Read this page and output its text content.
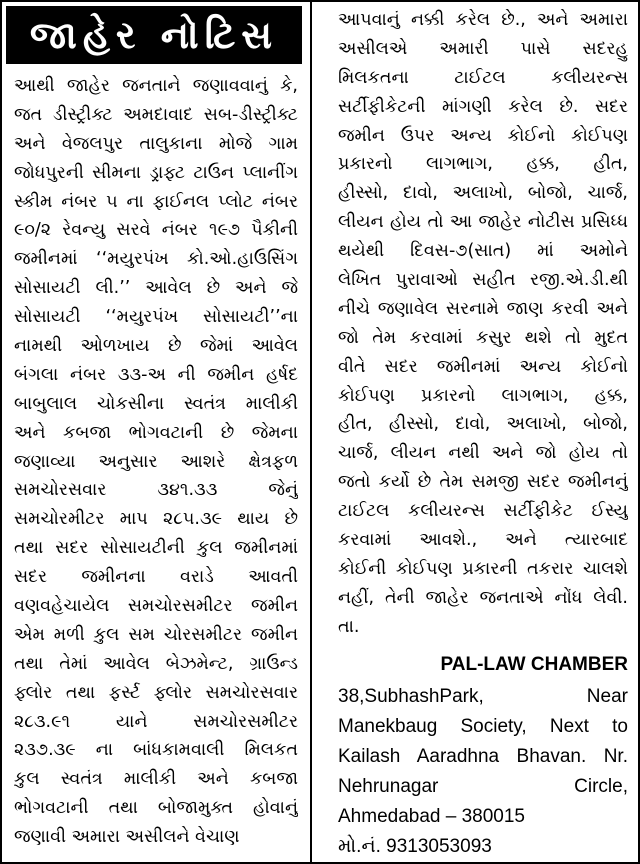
જાહેર નોટિસ
આથી જાહેર જનતાને જણાવવાનું કે,
જત ડીસ્ટ્રીક્ટ અમદાવાદ સબ-ડીસ્ટ્રીક્ટ
અને વેજલપુર તાલુકાના મોજે ગામ
જોધપુરની સીમના ડ્રાફ્ટ ટાઉન પ્લાનીંગ
સ્કીમ નંબર ૫ ના ફાઈનલ પ્લોટ નંબર
૯૦/૨ રેવન્યુ સરવે નંબર ૧૯૭ પૈકીની
જમીનમાં ‘‘મયુરપંખ કો.ઓ.હાઉસિંગ
સોસાયટી લી.’’ આવેલ છે અને જે
સોસાયટી ‘‘મયુરપંખ સોસાયટી’’ના
નામથી ઓળખાય છે જેમાં આવેલ
બંગલા નંબર ૩૩-અ ની જમીન હર્ષદ
બાબુલાલ ચોકસીના સ્વતંત્ર માલીકી
અને કબજા ભોગવટાની છે જેમના
જણાવ્યા અનુસાર આશરે ક્ષેત્રફળ
સમચોરસવાર ૩૪૧.૩૩ જેનું
સમચોરમીટર માપ ૨૮૫.૩૯ થાય છે
તથા સદર સોસાયટીની કુલ જમીનમાં
સદર જમીનના વરાડે આવતી
વણવહેચાયેલ સમચોરસમીટર જમીન
એમ મળી કુલ સમ ચોરસમીટર જમીન
તથા તેમાં આવેલ બેઝમેન્ટ, ગ્રાઉન્ડ
ફ્લોર તથા ફર્સ્ટ ફ્લોર સમચોરસવાર
૨૮૩.૯૧ યાને સમચોરસમીટર
૨૩૭.૩૯ ના બાંધકામવાલી મિલકત
કુલ સ્વતંત્ર માલીકી અને કબજા
ભોગવટાની તથા બોજામુક્ત હોવાનું
જણાવી અમારા અસીલને વેચાણ
આપવાનું નક્કી કરેલ છે., અને અમારા
અસીલએ અમારી પાસે સદરહુ
મિલકતના ટાઈટલ કલીયરન્સ
સર્ટીફીકેટની માંગણી કરેલ છે. સદર
જમીન ઉપર અન્ય કોઈનો કોઈપણ
પ્રકારનો લાગભાગ, હક્ક, હીત,
હીસ્સો, દાવો, અલાખો, બોજો, ચાર્જ,
લીયન હોય તો આ જાહેર નોટીસ પ્રસિધ્ધ
થયેથી દિવસ-૭(સાત) માં અમોને
લેખિત પુરાવાઓ સહીત રજી.એ.ડી.થી
નીચે જણાવેલ સરનામે જાણ કરવી અને
જો તેમ કરવામાં કસુર થશે તો મુદત
વીતે સદર જમીનમાં અન્ય કોઈનો
કોઈપણ પ્રકારનો લાગભાગ, હક્ક,
હીત, હીસ્સો, દાવો, અલાખો, બોજો,
ચાર્જ, લીયન નથી અને જો હોય તો
જતો કર્યો છે તેમ સમજી સદર જમીનનું
ટાઈટલ કલીયરન્સ સર્ટીફીકેટ ઈસ્યુ
કરવામાં આવશે., અને ત્યારબાદ
કોઈની કોઈપણ પ્રકારની તકરાર ચાલશે
નહીં, તેની જાહેર જનતાએ નોંધ લેવી.
તા.
PAL-LAW CHAMBER
38,SubhashPark, Near
Manekbaug Society, Next to
Kailash Aaradhna Bhavan. Nr.
Nehrunagar Circle,
Ahmedabad – 380015
મો.નં. 9313053093
